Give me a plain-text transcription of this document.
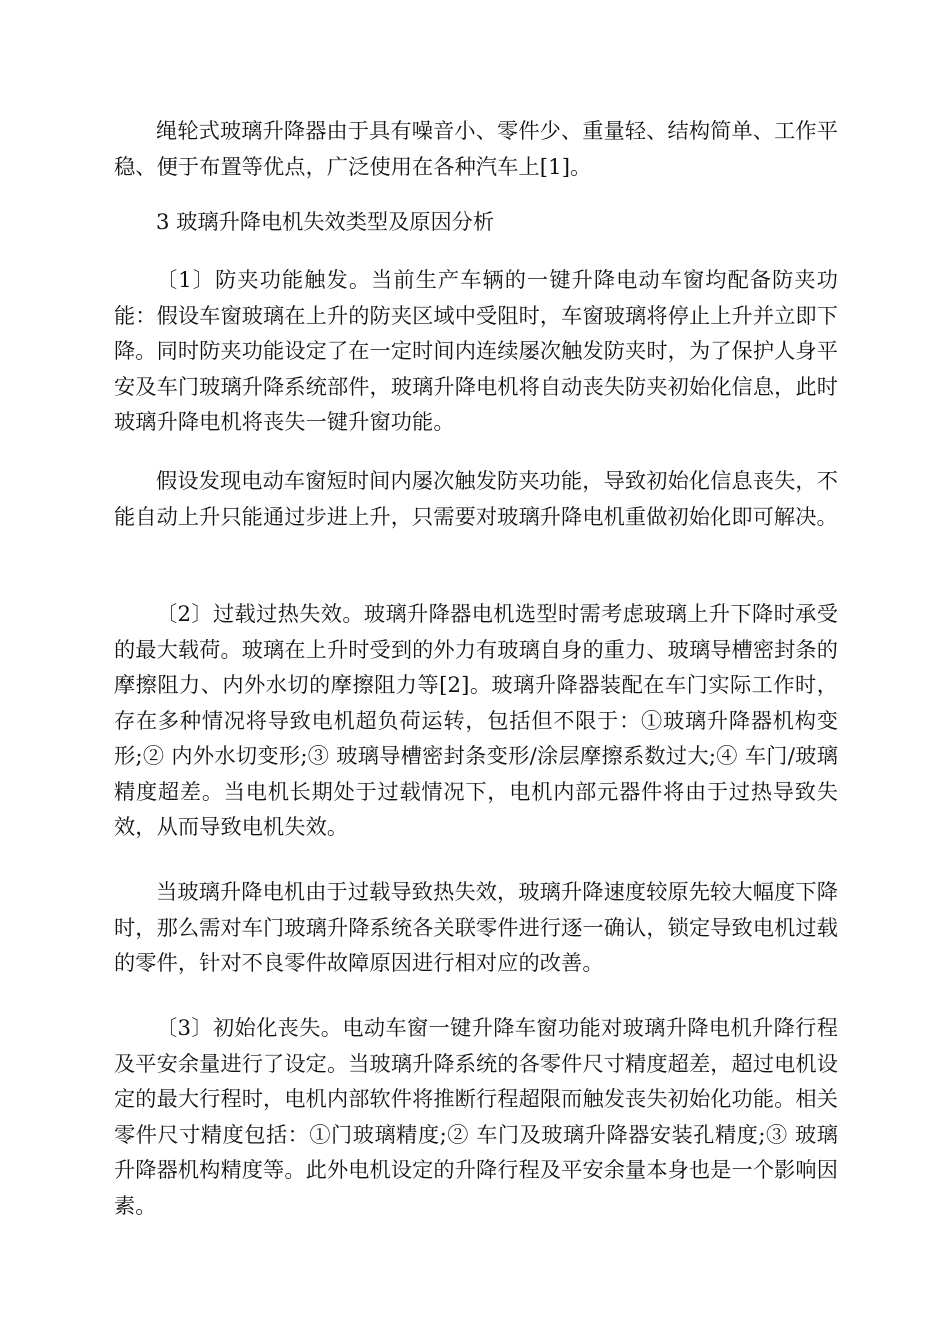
绳轮式玻璃升降器由于具有噪音小、零件少、重量轻、结构简单、工作平稳、便于布置等优点，广泛使用在各种汽车上[1]。

3 玻璃升降电机失效类型及原因分析

〔1〕防夹功能触发。当前生产车辆的一键升降电动车窗均配备防夹功能：假设车窗玻璃在上升的防夹区域中受阻时，车窗玻璃将停止上升并立即下降。同时防夹功能设定了在一定时间内连续屡次触发防夹时，为了保护人身平安及车门玻璃升降系统部件，玻璃升降电机将自动丧失防夹初始化信息，此时玻璃升降电机将丧失一键升窗功能。

假设发现电动车窗短时间内屡次触发防夹功能，导致初始化信息丧失，不能自动上升只能通过步进上升，只需要对玻璃升降电机重做初始化即可解决。

〔2〕过载过热失效。玻璃升降器电机选型时需考虑玻璃上升下降时承受的最大载荷。玻璃在上升时受到的外力有玻璃自身的重力、玻璃导槽密封条的摩擦阻力、内外水切的摩擦阻力等[2]。玻璃升降器装配在车门实际工作时，存在多种情况将导致电机超负荷运转，包括但不限于：①玻璃升降器机构变形;② 内外水切变形;③ 玻璃导槽密封条变形/涂层摩擦系数过大;④ 车门/玻璃精度超差。当电机长期处于过载情况下，电机内部元器件将由于过热导致失效，从而导致电机失效。

当玻璃升降电机由于过载导致热失效，玻璃升降速度较原先较大幅度下降时，那么需对车门玻璃升降系统各关联零件进行逐一确认，锁定导致电机过载的零件，针对不良零件故障原因进行相对应的改善。

〔3〕初始化丧失。电动车窗一键升降车窗功能对玻璃升降电机升降行程及平安余量进行了设定。当玻璃升降系统的各零件尺寸精度超差，超过电机设定的最大行程时，电机内部软件将推断行程超限而触发丧失初始化功能。相关零件尺寸精度包括：①门玻璃精度;② 车门及玻璃升降器安装孔精度;③ 玻璃升降器机构精度等。此外电机设定的升降行程及平安余量本身也是一个影响因素。
